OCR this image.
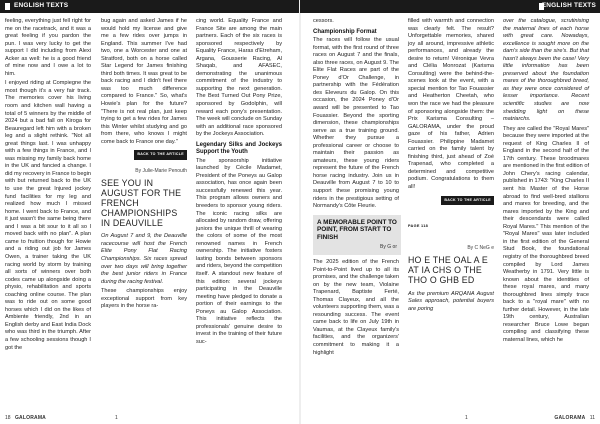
ENGLISH TEXTS

feeling, everything just fell right for me on the racetrack, and it was a great feeling if you pardon the pun. I was very lucky to get the support I did including from Alexi Acker as well: he is a good friend of mine now and I owe a lot to him.

I enjoyed riding at Compiegne the most though it's a very fair track. The memories cover his living room and kitchen wall having a total of 5 winners by the middle of 2024 but a bad fall on Kiroga for Beauregard left him with a broken leg and a slight rethink. "Not all great things last. I was unhappy with a few things in France, and I was missing my family back home in the UK and fancied a change. I did my recovery in France to begin with but returned back to the UK to use the great Injured jockey fund facilities for my leg and realized how much I missed home. I went back to France, and it just wasn't the same being there and I was a bit sour to it all so I moved back with no plan". A plan came to fruition though for Howie and a riding out job for James Owen, a trainer taking the UK racing world by storm by training all sorts of winners over both codes came up alongside doing a physio, rehabilitation and sports coaching online course. The plan was to ride out on some good horses which I did on the likes of Ambiente friendly, 2nd in an English derby and East India Dock who was third in the triumph. After a few schooling sessions though I got the

bug again and asked James if he would hold my license and give me a few rides over jumps in England. This summer I've had two, one a Worcester and one at Stratford, both on a horse called Star Legend for James finishing third both times. It was great to be back racing and I didn't feel there was too much difference compared to France." So, what's Howie's plan for the future? "There is not real plan, just keep trying to get a few rides for James this Winter whilst studying and go from there, who knows I might come back to France one day."

BACK TO THE ARTICLE
By Julie-Marie Penouth
SEE YOU IN AUGUST FOR THE FRENCH CHAMPIONSHIPS IN DEAUVILLE

On August 7 and 9, the Deauville racecourse will host the French Elite Pony Flat Racing Championships. Six races spread over two days will bring together the best junior riders in France during the racing festival.

These championships enjoy exceptional support from key players in the horse ra-

cing world. Equality France and France Site are among the main partners. Each of the six races is sponsored respectively by Equality France, Haras d'Etreham, Argana, Gousserie Racing, Al Shaqab, and AFASEC, demonstrating the unanimous commitment of the industry to supporting the next generation. The Best Turned Out Pony Prize, sponsored by Godolphin, will reward each pony's presentation. The week will conclude on Sunday with an additional race sponsored by the Jockeys Association.

Legendary Silks and Jockeys Support the Youth

The sponsorship initiative launched by Cécile Madamet, President of the Poneys au Galop association, has once again been successfully renewed this year. This program allows owners and breeders to sponsor young riders. The iconic racing silks are allocated by random draw, offering juniors the unique thrill of wearing the colors of some of the most renowned names in French ownership. The initiative fosters lasting bonds between sponsors and riders, beyond the competition itself. A standout new feature of this edition: several jockeys participating in the Deauville meeting have pledged to donate a portion of their earnings to the Poneys au Galop Association. This initiative reflects the professionals' genuine desire to invest in the training of their future suc-

18 GALORAMA	1
ENGLISH TEXTS

cessors.

Championship Format

The races will follow the usual format, with the first round of three races on August 7 and the finals, also three races, on August 9. The Elite Flat Races are part of the Poney d'Or Challenge, in partnership with the Fédération des Eleveurs du Galop. On this occasion, the 2024 Poney d'Or award will be presented to Tao Fouassier. Beyond the sporting dimension, these championships serve as a true training ground. Whether they pursue a professional career or choose to maintain their passion as amateurs, these young riders represent the future of the French horse racing industry. Join us in Deauville from August 7 to 10 to support these promising young riders in the prestigious setting of Normandy's Côte Fleurie.

A MEMORABLE POINT TO POINT, FROM START TO FINISH
By G or

The 2025 edition of the French Point-to-Point lived up to all its promises, and the challenge taken on by the new team, Violaine Trapenard, Baptiste Ferté, Thomas Clayeux, and all the volunteers supporting them, was a resounding success. The event came back to life on July 19th in Vaumas, at the Clayeux family's facilities, and the organizers' commitment to making it a highlight

filled with warmth and connection was clearly felt. The result? Unforgettable memories, shared joy all around, impressive athletic performances, and already the desire to return! Véronique Vevra and Clélia Monrozat (Karisma Consulting) were the behind-the-scenes look at the event, with a special mention for Tao Fouassier and Heatherton Cheetah, who won the race we had the pleasure of sponsoring alongside them: the Prix Karisma Consulting – GALORAMA, under the proud gaze of his father, Adrien Fouassier. Philippine Madamet carried on the family talent by finishing third, just ahead of Zoé Trapenad, who completed a determined and competitive podium. Congratulations to them all!

BACK TO THE ARTICLE
PAGE 118
By C NeG e
HO E THE OAL A E AT IA CHS O THE THO O GHB ED

As the premium ARQANA August Sales approach, potential buyers are poring

over the catalogue, scrutinising the maternal lines of each horse with great care. Nowadays, excellence is sought more on the dam's side than the sire's. But that hasn't always been the case! Very little information has been preserved about the foundation mares of the thoroughbred breed, as they were once considered of lesser importance. Recent scientific studies are now shedding light on these matriarchs.

They are called the "Royal Mares" because they were imported at the request of King Charles II of England in the second half of the 17th century. These broodmares are mentioned in the first edition of John Chery's racing calendar, published in 1743: "King Charles II sent his Master of the Horse abroad to find well-bred stallions and mares for breeding, and the mares imported by the King and their descendants were called Royal Mares." This mention of the "Royal Mares" was later included in the first edition of the General Stud Book, the foundational registry of the thoroughbred breed compiled by Lord James Weatherby in 1791. Very little is known about the identities of these royal mares, and many thoroughbred lines simply trace back to a "royal mare" with no further detail. However, in the late 19th century, Australian researcher Bruce Lowe began compiling and classifying these maternal lines, which he

1	GALORAMA 11
